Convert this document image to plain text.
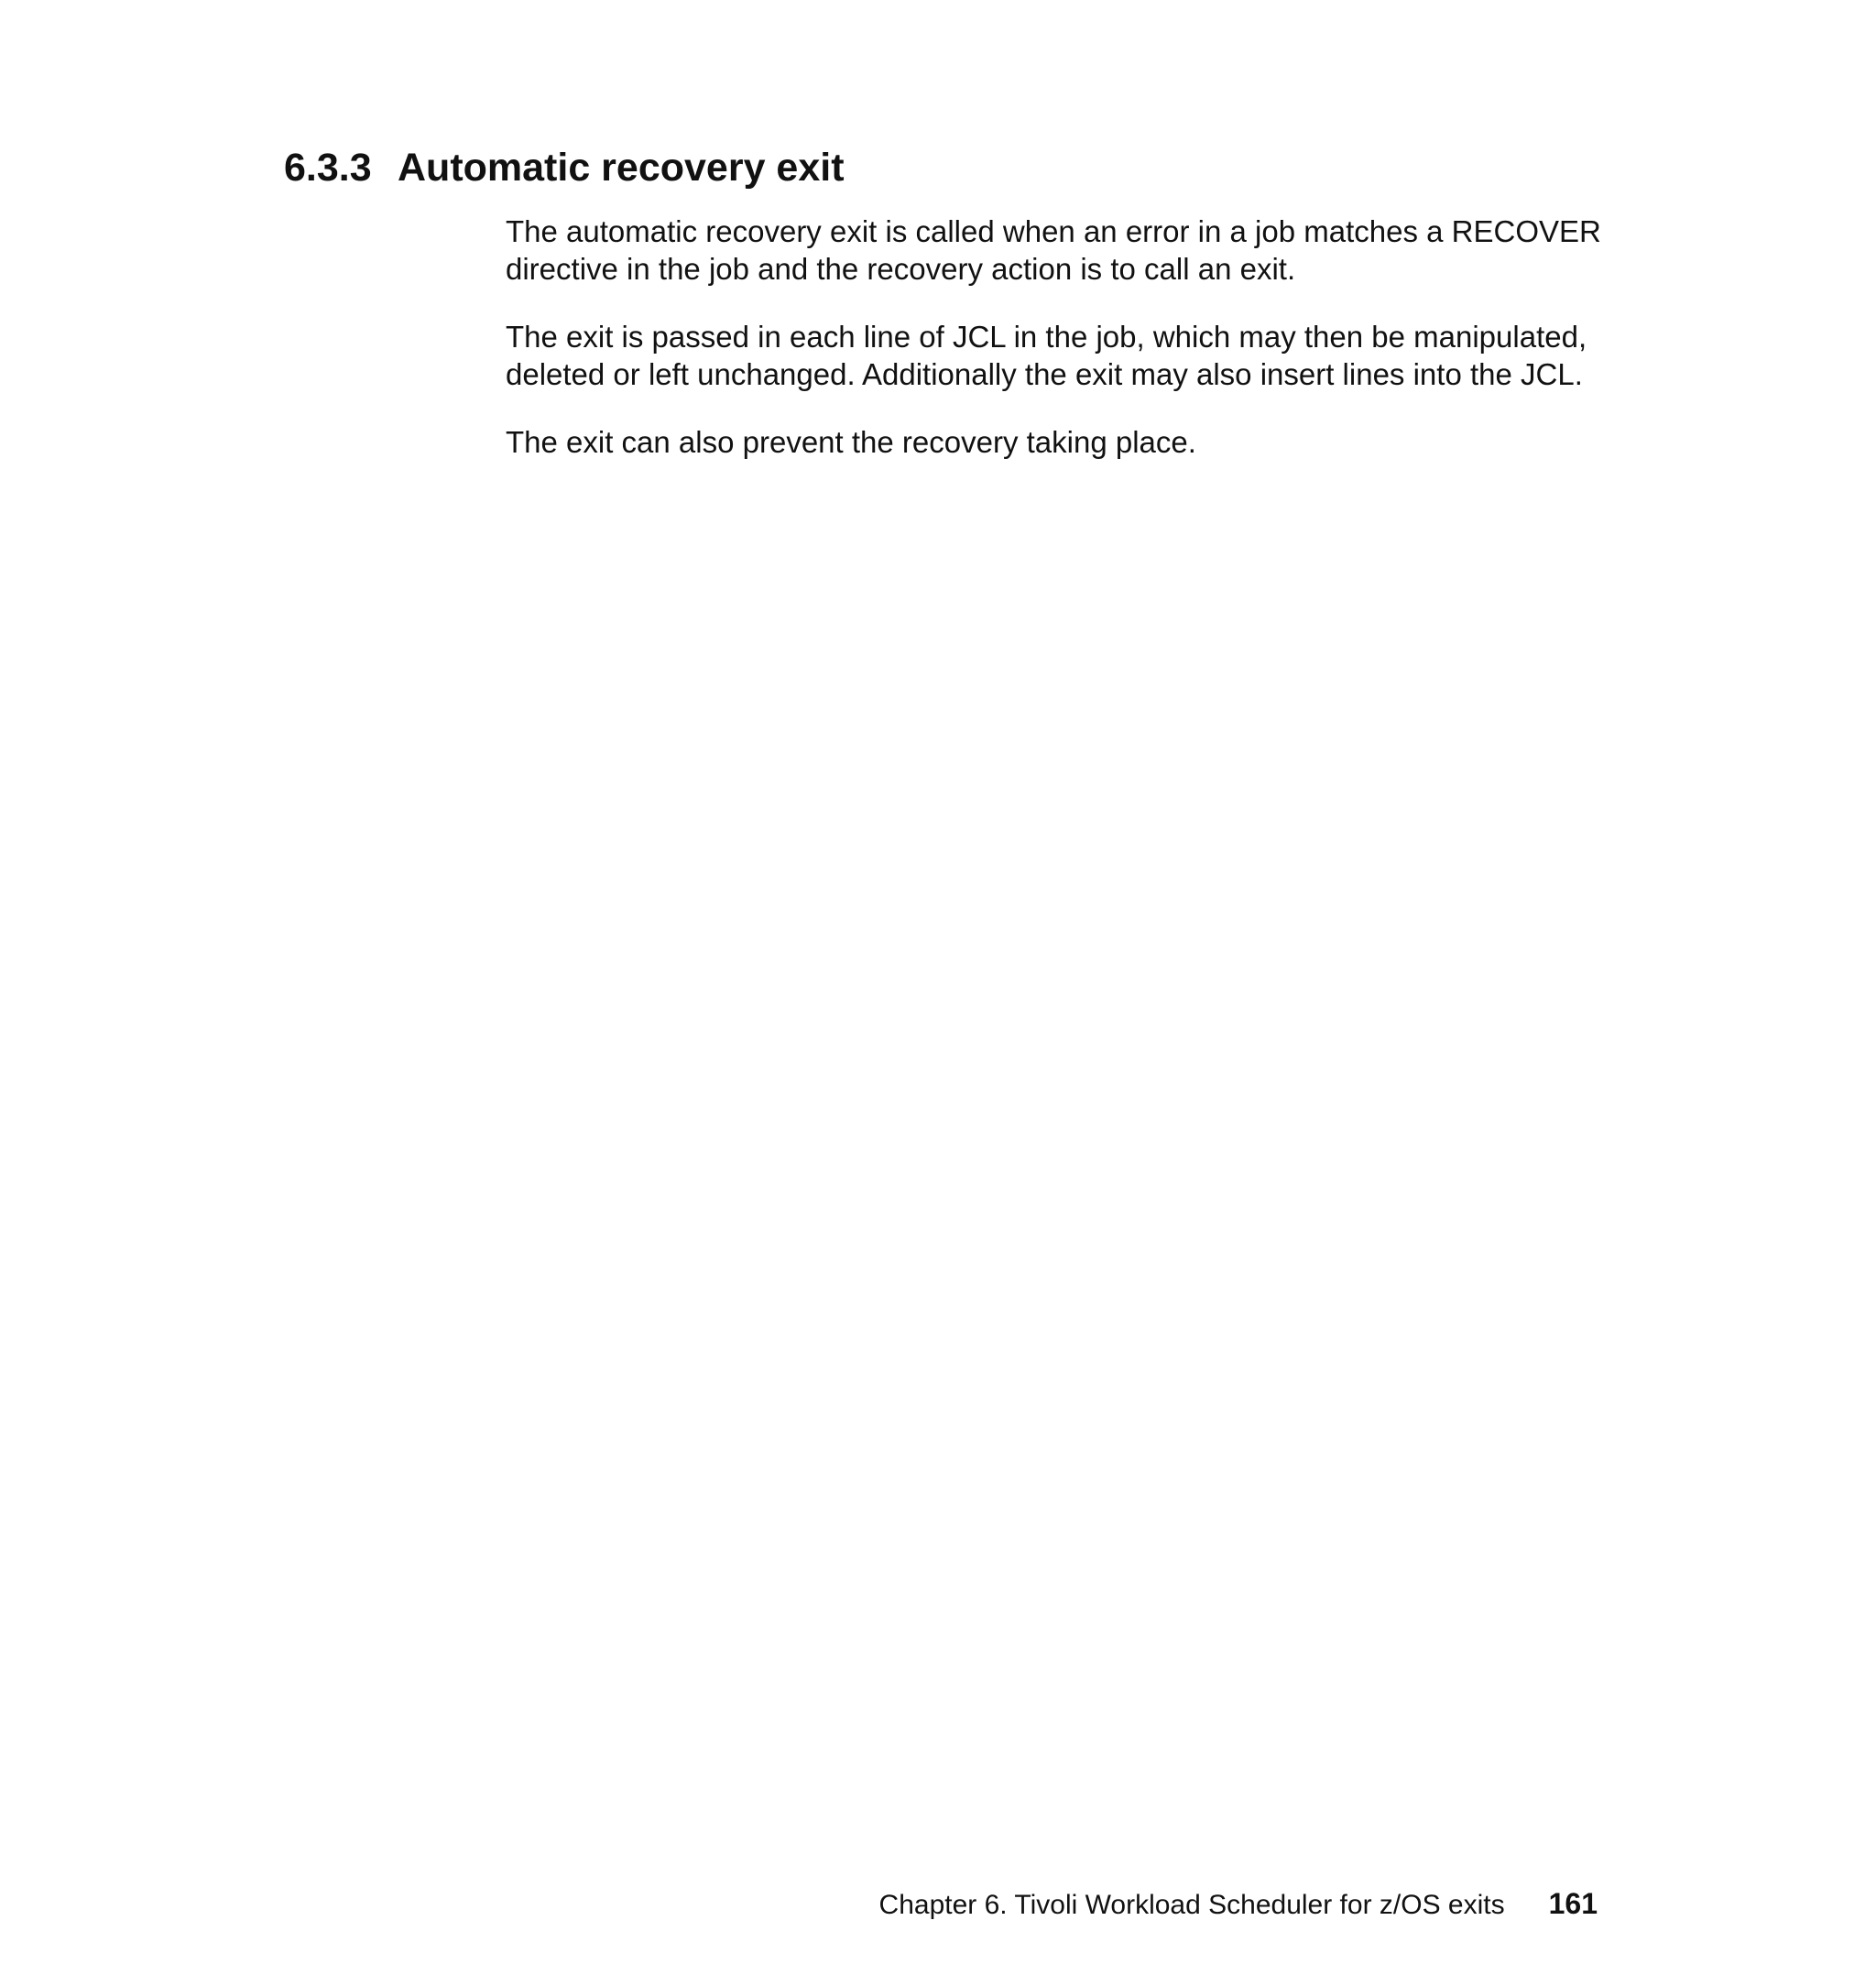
6.3.3 Automatic recovery exit

The automatic recovery exit is called when an error in a job matches a RECOVER directive in the job and the recovery action is to call an exit.

The exit is passed in each line of JCL in the job, which may then be manipulated, deleted or left unchanged. Additionally the exit may also insert lines into the JCL.

The exit can also prevent the recovery taking place.

Chapter 6. Tivoli Workload Scheduler for z/OS exits 161
